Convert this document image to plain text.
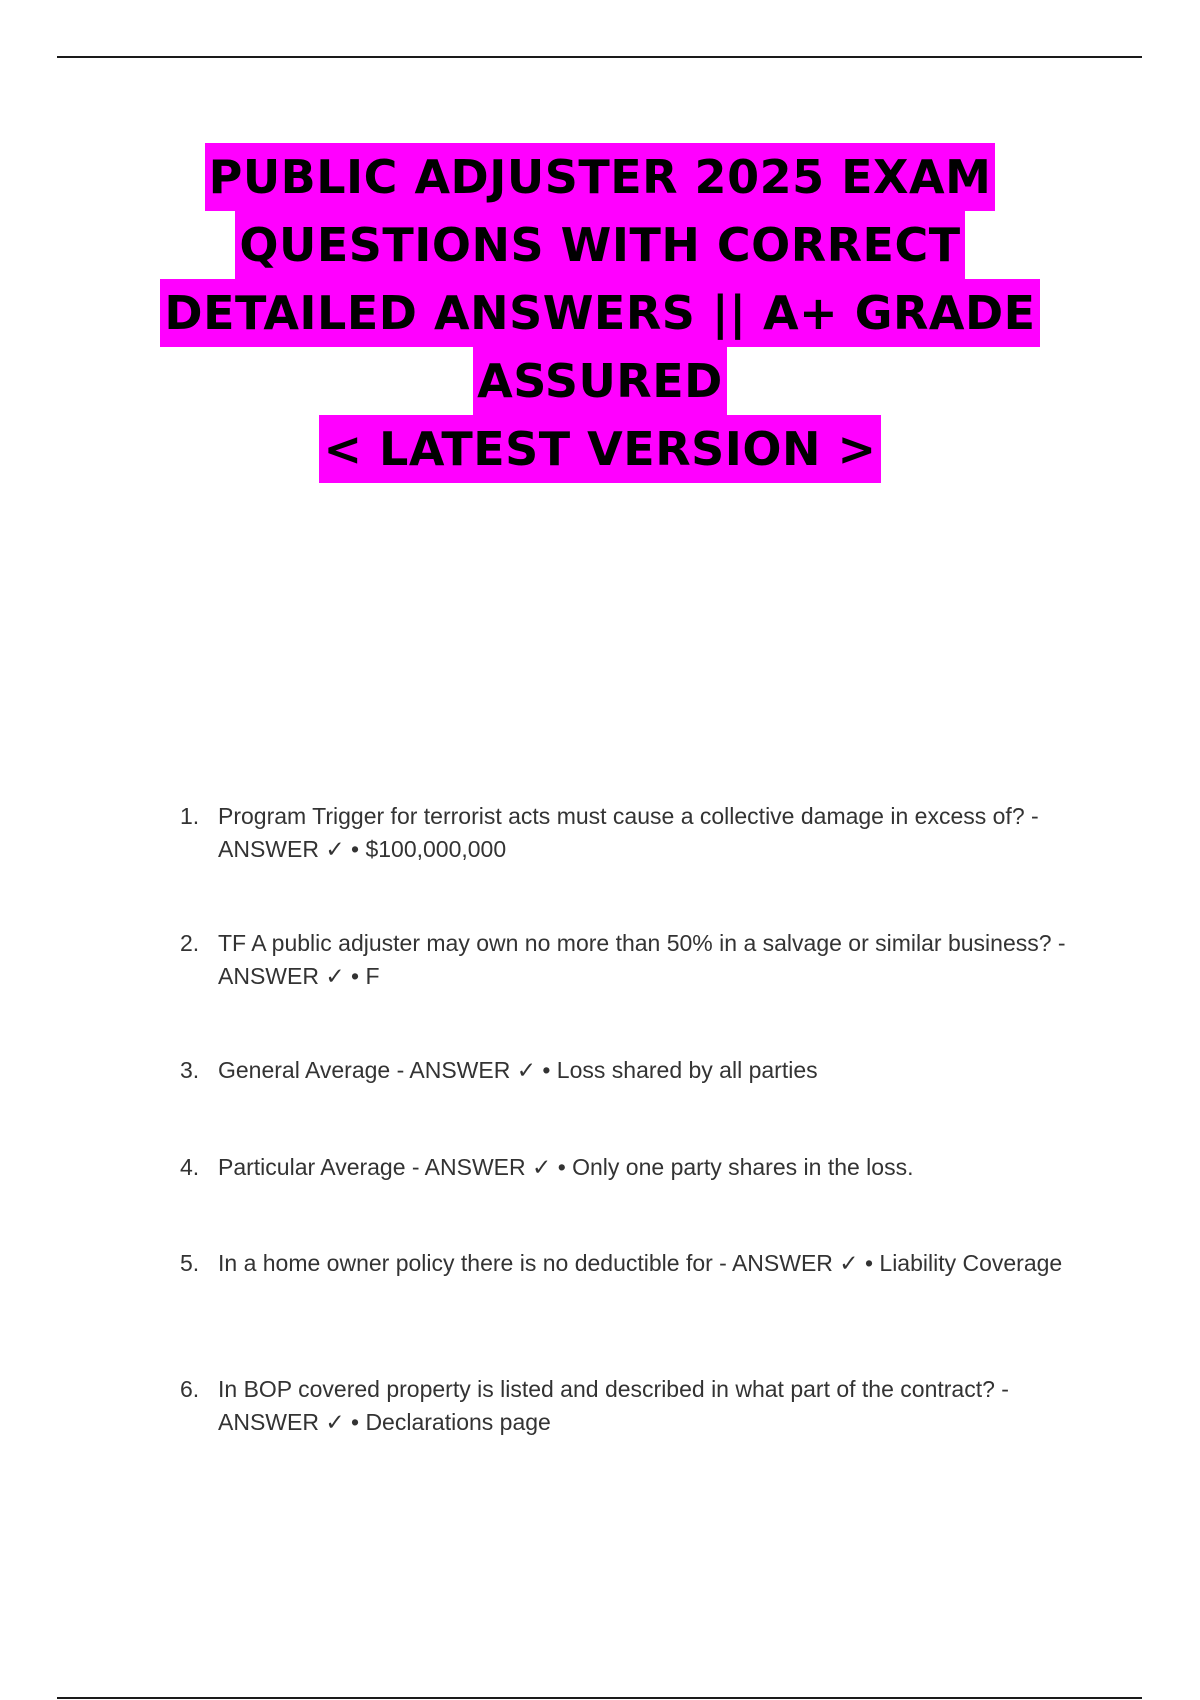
PUBLIC ADJUSTER 2025 EXAM
QUESTIONS WITH CORRECT
DETAILED ANSWERS || A+ GRADE
ASSURED
< LATEST VERSION >
1. Program Trigger for terrorist acts must cause a collective damage in excess of? - ANSWER ✓ • $100,000,000
2. TF A public adjuster may own no more than 50% in a salvage or similar business? - ANSWER ✓ • F
3. General Average - ANSWER ✓ • Loss shared by all parties
4. Particular Average - ANSWER ✓ • Only one party shares in the loss.
5. In a home owner policy there is no deductible for - ANSWER ✓ • Liability Coverage
6. In BOP covered property is listed and described in what part of the contract? - ANSWER ✓ • Declarations page
